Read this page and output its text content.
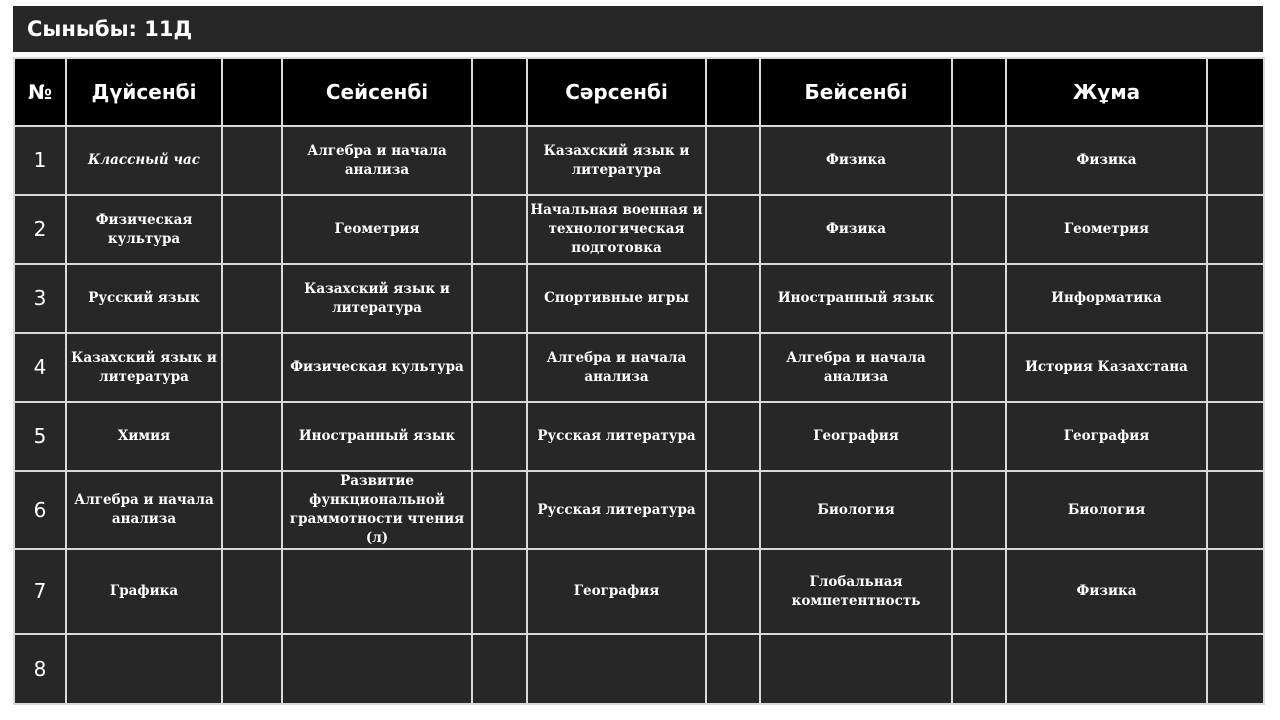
Сыныбы: 11Д
№	Дүйсенбі		Сейсенбі		Сәрсенбі		Бейсенбі		Жұма	
1	Классный час		Алгебра и начала анализа		Казахский язык и литература		Физика		Физика	
2	Физическая культура		Геометрия		Начальная военная и технологическая подготовка		Физика		Геометрия	
3	Русский язык		Казахский язык и литература		Спортивные игры		Иностранный язык		Информатика	
4	Казахский язык и литература		Физическая культура		Алгебра и начала анализа		Алгебра и начала анализа		История Казахстана	
5	Химия		Иностранный язык		Русская литература		География		География	
6	Алгебра и начала анализа		Развитие функциональной граммотности чтения (л)		Русская литература		Биология		Биология	
7	Графика				География		Глобальная компетентность		Физика	
8										
